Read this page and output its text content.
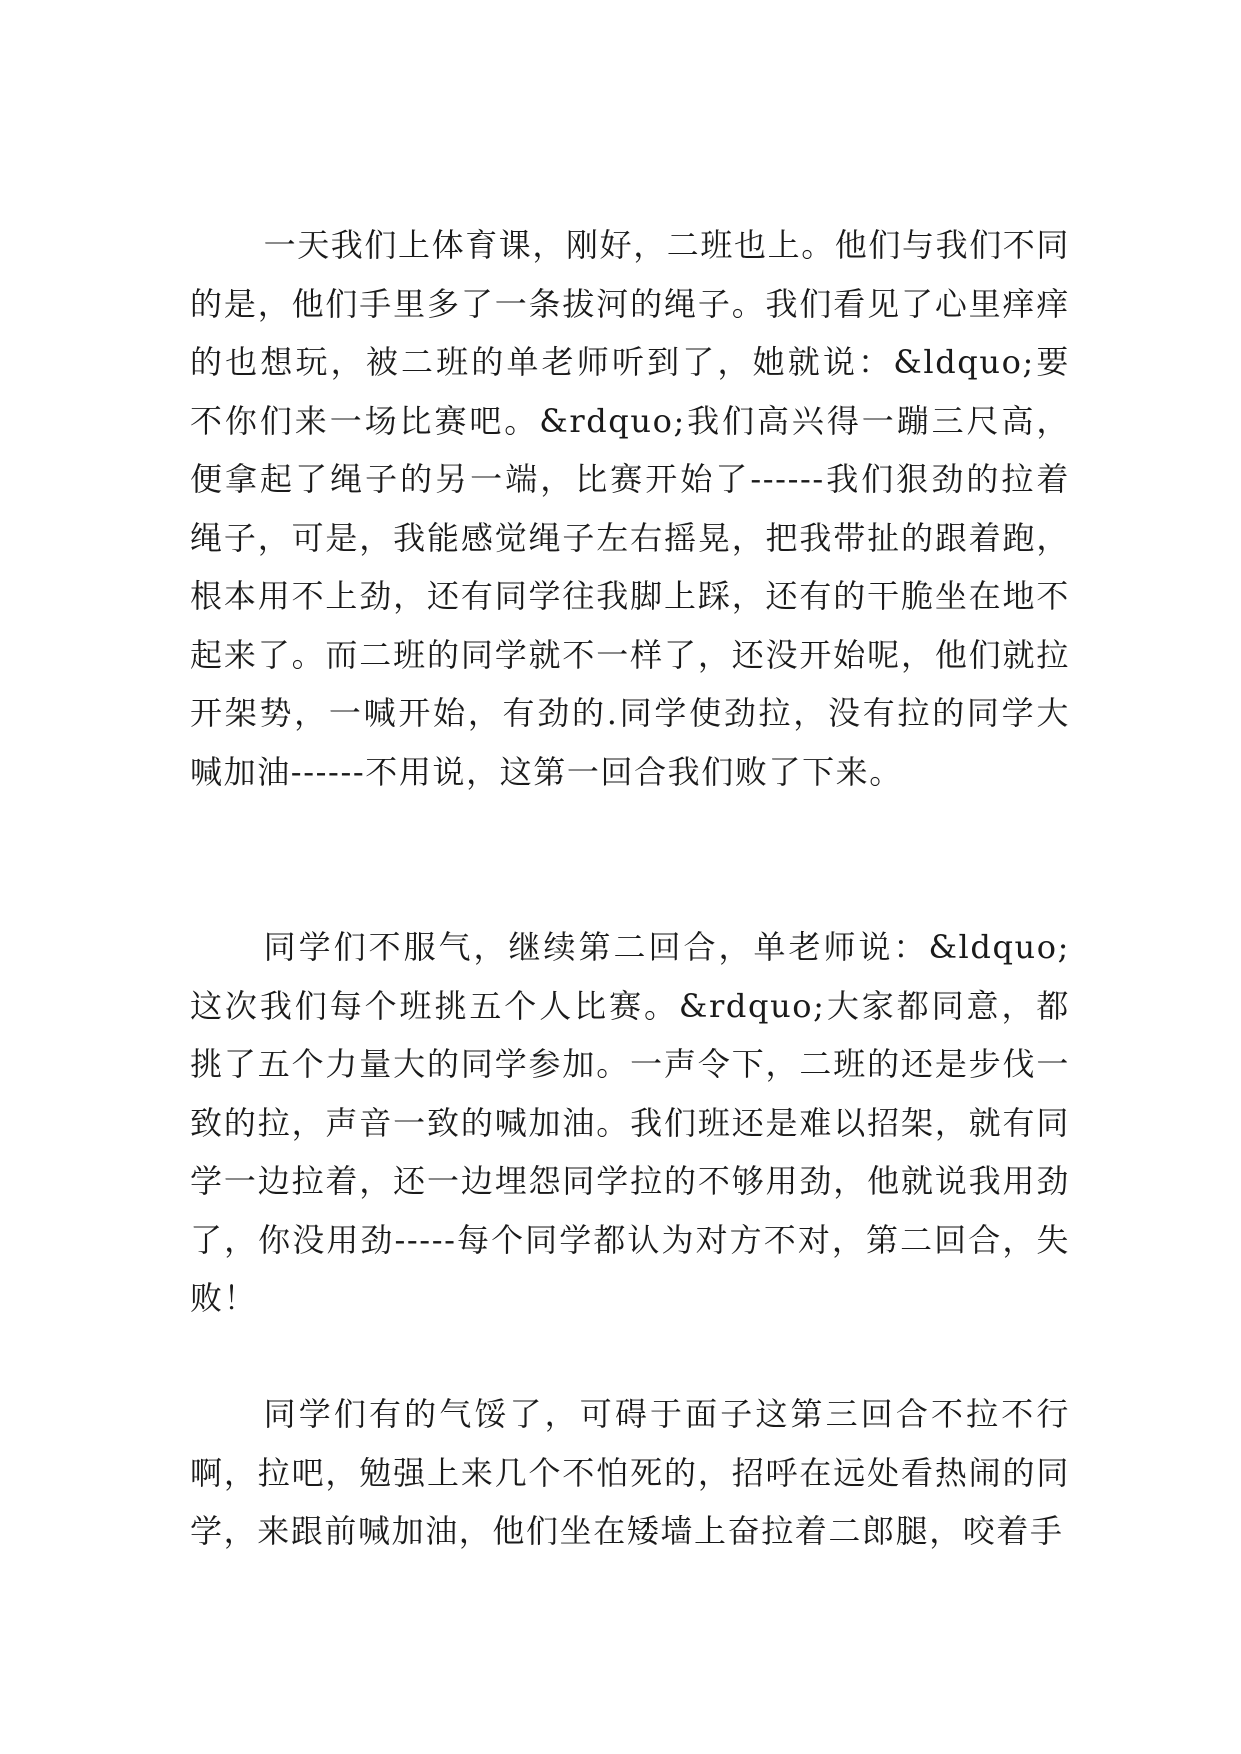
一天我们上体育课，刚好，二班也上。他们与我们不同的是，他们手里多了一条拔河的绳子。我们看见了心里痒痒的也想玩，被二班的单老师听到了，她就说：&ldquo;要不你们来一场比赛吧。&rdquo;我们高兴得一蹦三尺高，便拿起了绳子的另一端，比赛开始了------我们狠劲的拉着绳子，可是，我能感觉绳子左右摇晃，把我带扯的跟着跑，根本用不上劲，还有同学往我脚上踩，还有的干脆坐在地不起来了。而二班的同学就不一样了，还没开始呢，他们就拉开架势，一喊开始，有劲的.同学使劲拉，没有拉的同学大喊加油------不用说，这第一回合我们败了下来。

同学们不服气，继续第二回合，单老师说：&ldquo;这次我们每个班挑五个人比赛。&rdquo;大家都同意，都挑了五个力量大的同学参加。一声令下，二班的还是步伐一致的拉，声音一致的喊加油。我们班还是难以招架，就有同学一边拉着，还一边埋怨同学拉的不够用劲，他就说我用劲了，你没用劲-----每个同学都认为对方不对，第二回合，失败！

同学们有的气馁了，可碍于面子这第三回合不拉不行啊，拉吧，勉强上来几个不怕死的，招呼在远处看热闹的同学，来跟前喊加油，他们坐在矮墙上奋拉着二郎腿，咬着手
